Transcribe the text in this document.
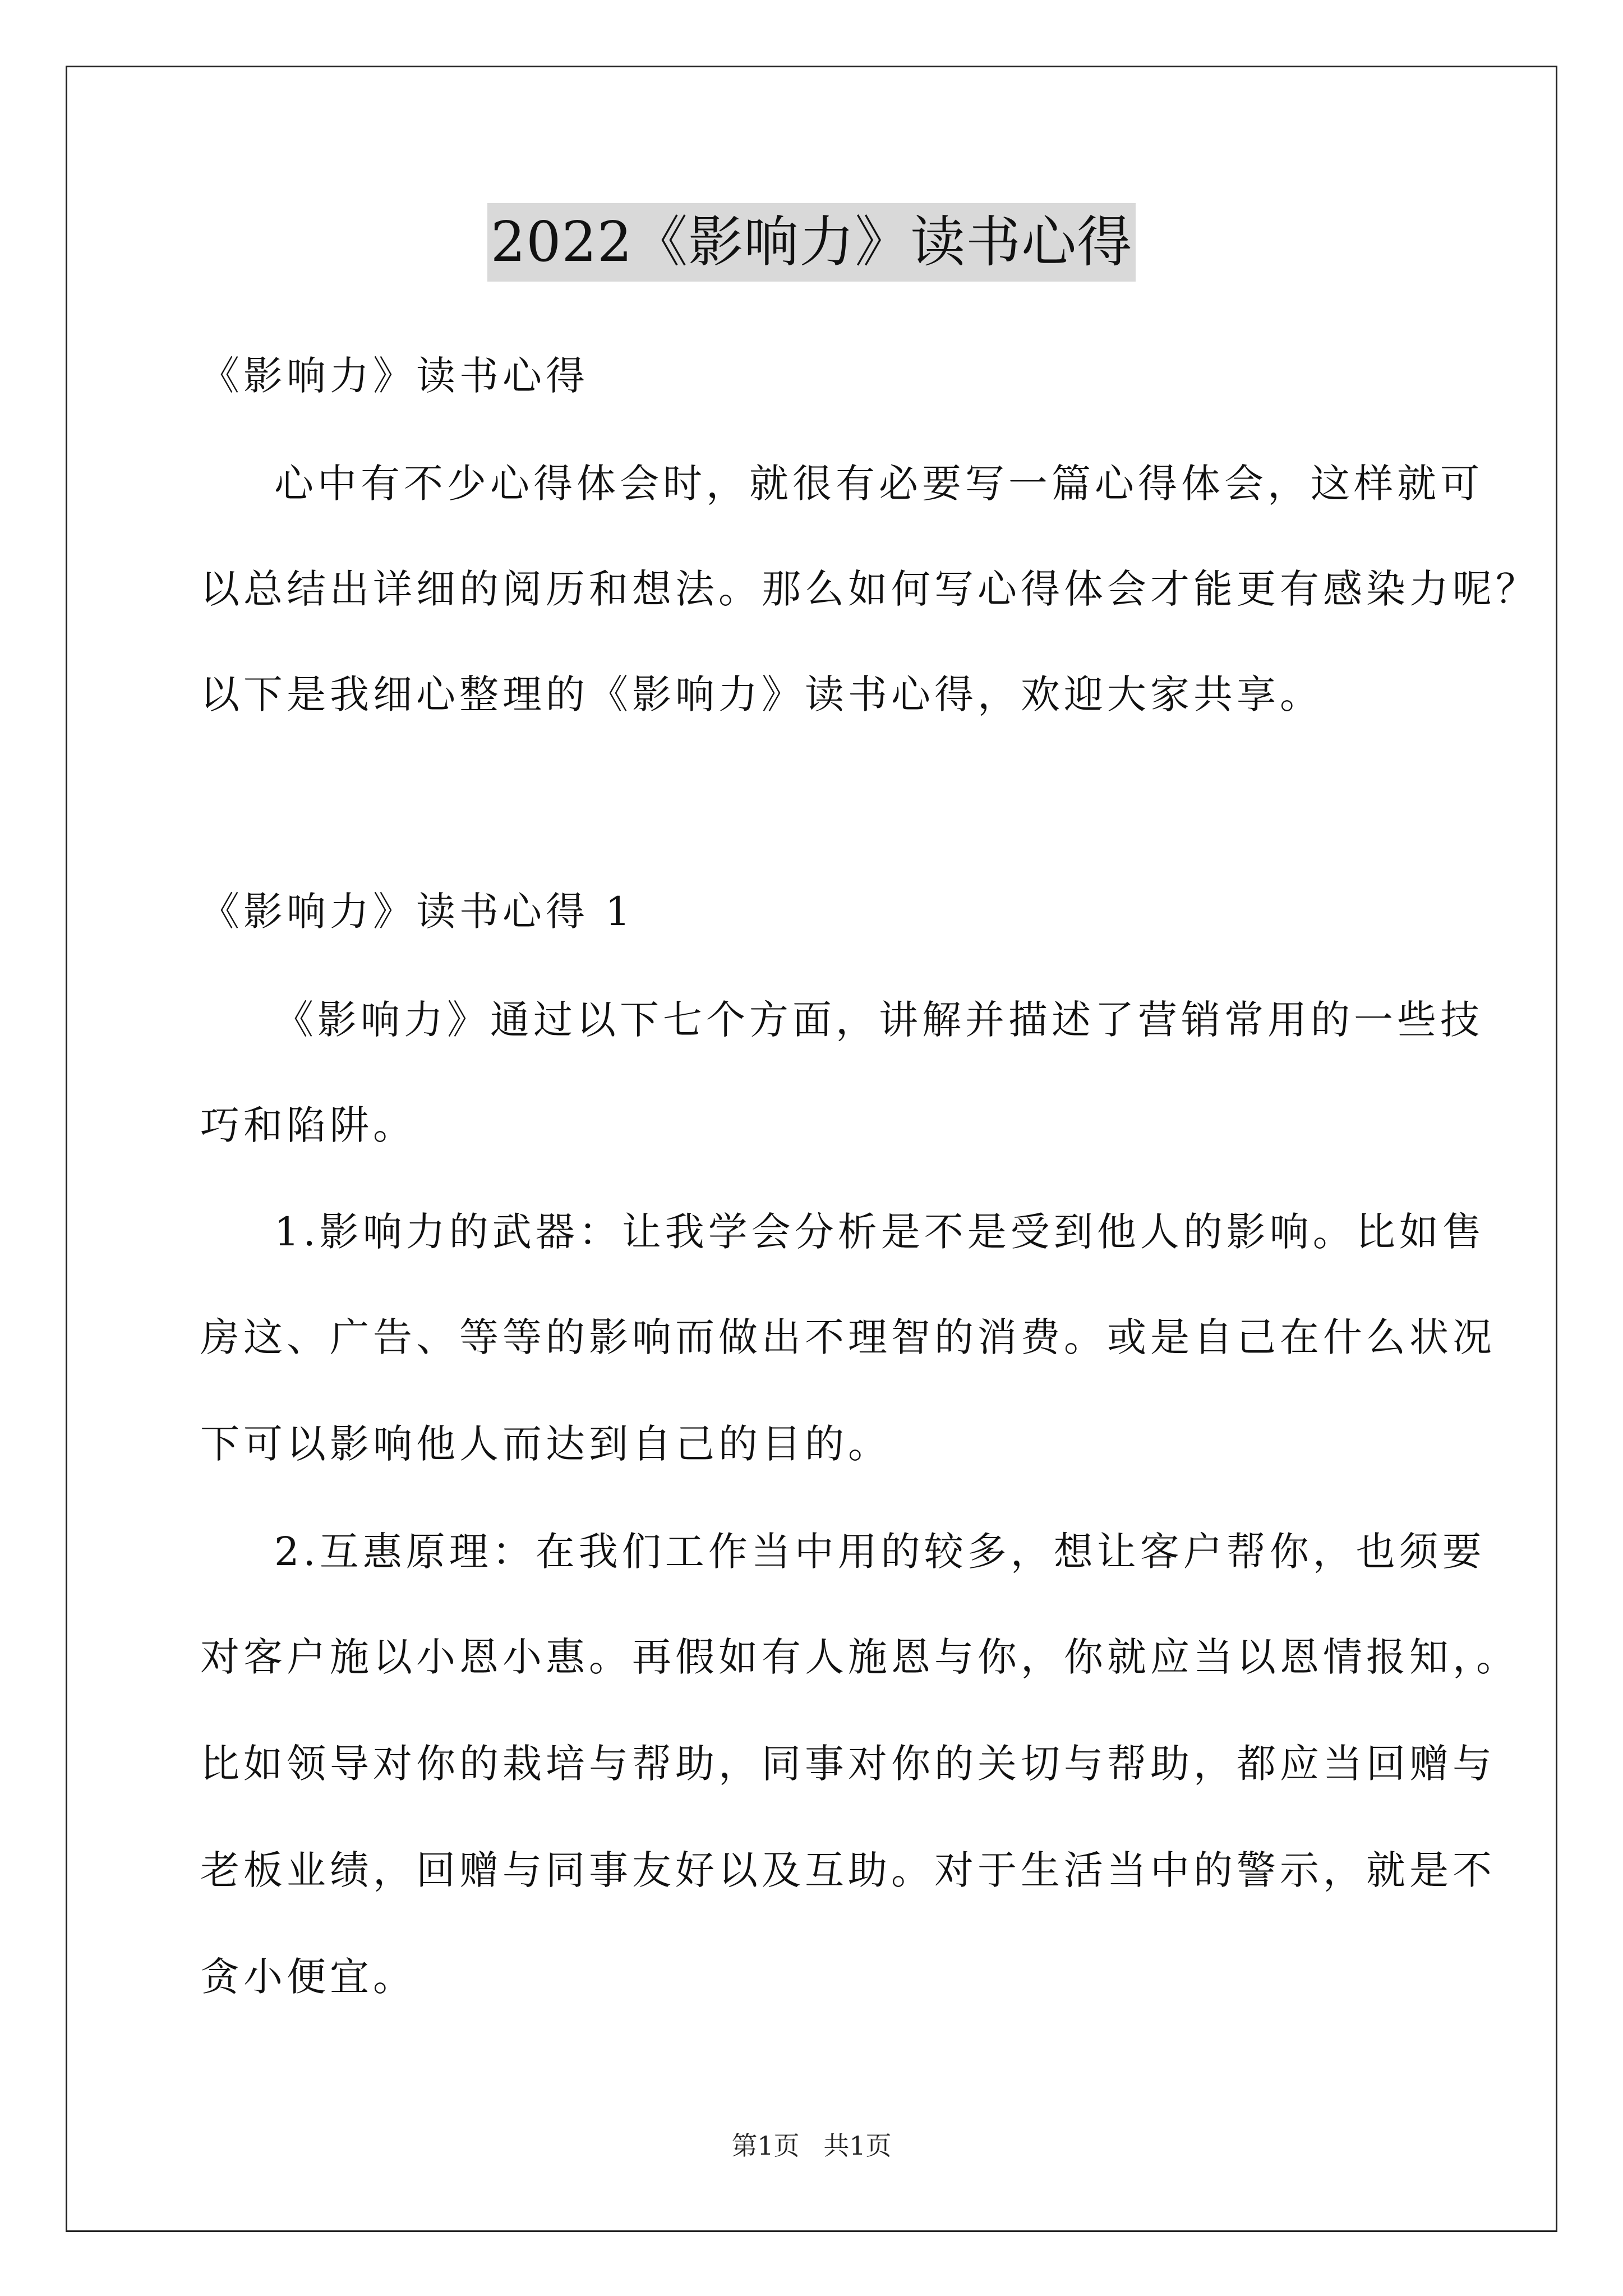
2022《影响力》读书心得
《影响力》读书心得
心中有不少心得体会时，就很有必要写一篇心得体会，这样就可
以总结出详细的阅历和想法。那么如何写心得体会才能更有感染力呢？
以下是我细心整理的《影响力》读书心得，欢迎大家共享。
《影响力》读书心得 1
《影响力》通过以下七个方面，讲解并描述了营销常用的一些技
巧和陷阱。
1.影响力的武器：让我学会分析是不是受到他人的影响。比如售
房这、广告、等等的影响而做出不理智的消费。或是自己在什么状况
下可以影响他人而达到自己的目的。
2.互惠原理：在我们工作当中用的较多，想让客户帮你，也须要
对客户施以小恩小惠。再假如有人施恩与你，你就应当以恩情报知，。
比如领导对你的栽培与帮助，同事对你的关切与帮助，都应当回赠与
老板业绩，回赠与同事友好以及互助。对于生活当中的警示，就是不
贪小便宜。
第1页 共1页
